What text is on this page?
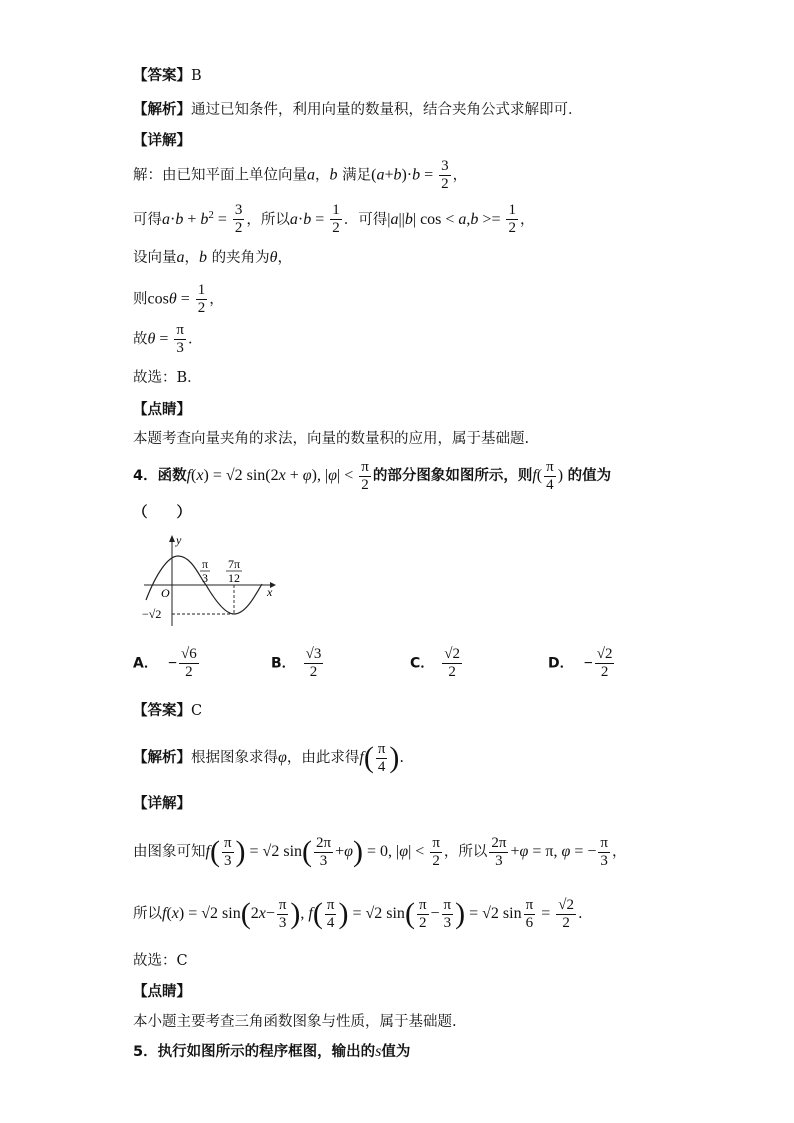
【答案】B
【解析】通过已知条件，利用向量的数量积，结合夹角公式求解即可．
【详解】
解：由已知平面上单位向量a，b 满足$(a+b)\cdot b = \frac{3}{2}$ ，
可得$a\cdot b + b^2 = \frac{3}{2}$ ，所以$a\cdot b = \frac{1}{2}$ ．可得|a||b| $\cos < a,b >= \frac{1}{2}$ ，
设向量a，b 的夹角为θ，
则$\cos\theta = \frac{1}{2}$ ，
故$\theta = \frac{\pi}{3}$ ．
故选：B．
【点睛】
本题考查向量夹角的求法，向量的数量积的应用，属于基础题.
4．函数f(x) = √2 sin(2x + φ), $|\varphi| < \frac{\pi}{2}$ 的部分图象如图所示，则$f( \frac{\pi}{4}$ ) 的值为
（　　）
y
x
O
π
3
7π
12
−√2
A． − $\frac{√6}{2}$	B． $\frac{√3}{2}$	C． $\frac{√2}{2}$	D． − $\frac{√2}{2}$
【答案】C
【解析】根据图象求得φ，由此求得$f( \frac{\pi}{4}$ ).
【详解】
由图象可知$f( \frac{\pi}{3}$ ) = √2 $\sin( \frac{2\pi}{3} +\varphi) = 0$, $|\varphi| < \frac{\pi}{2}$ ，所以 $\frac{2\pi}{3} +\varphi = \pi$, φ = − $\frac{\pi}{3}$ ，
所以f(x) = √2 $\sin(2x- \frac{\pi}{3}$ ), $f( \frac{\pi}{4}$ ) = √2 $\sin( \frac{\pi}{2} - \frac{\pi}{3}$ ) = √2 $\sin \frac{\pi}{6} = \frac{√2}{2}$ .
故选：C
【点睛】
本小题主要考查三角函数图象与性质，属于基础题.
5．执行如图所示的程序框图，输出的s值为
